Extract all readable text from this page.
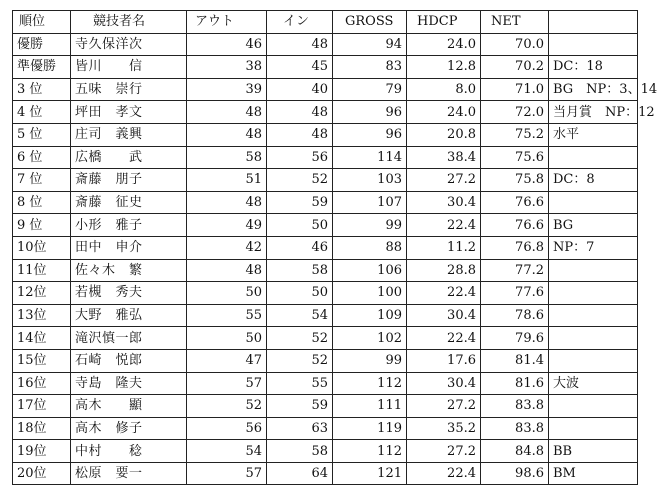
順位	競技者名	アウト	イン	GROSS	HDCP	NET	
優勝	寺久保洋次	46	48	94	24.0	70.0	
準優勝	皆川　　信	38	45	83	12.8	70.2	DC：18
3 位	五味　崇行	39	40	79	8.0	71.0	BG　NP：3、14
4 位	坪田　孝文	48	48	96	24.0	72.0	当月賞　NP：12
5 位	庄司　義興	48	48	96	20.8	75.2	水平
6 位	広橋　　武	58	56	114	38.4	75.6	
7 位	斎藤　朋子	51	52	103	27.2	75.8	DC：8
8 位	斎藤　征史	48	59	107	30.4	76.6	
9 位	小形　雅子	49	50	99	22.4	76.6	BG
10位	田中　申介	42	46	88	11.2	76.8	NP：7
11位	佐々木　繁	48	58	106	28.8	77.2	
12位	若槻　秀夫	50	50	100	22.4	77.6	
13位	大野　雅弘	55	54	109	30.4	78.6	
14位	滝沢慎一郎	50	52	102	22.4	79.6	
15位	石崎　悦郎	47	52	99	17.6	81.4	
16位	寺島　隆夫	57	55	112	30.4	81.6	大波
17位	高木　　顯	52	59	111	27.2	83.8	
18位	高木　修子	56	63	119	35.2	83.8	
19位	中村　　稔	54	58	112	27.2	84.8	BB
20位	松原　要一	57	64	121	22.4	98.6	BM
